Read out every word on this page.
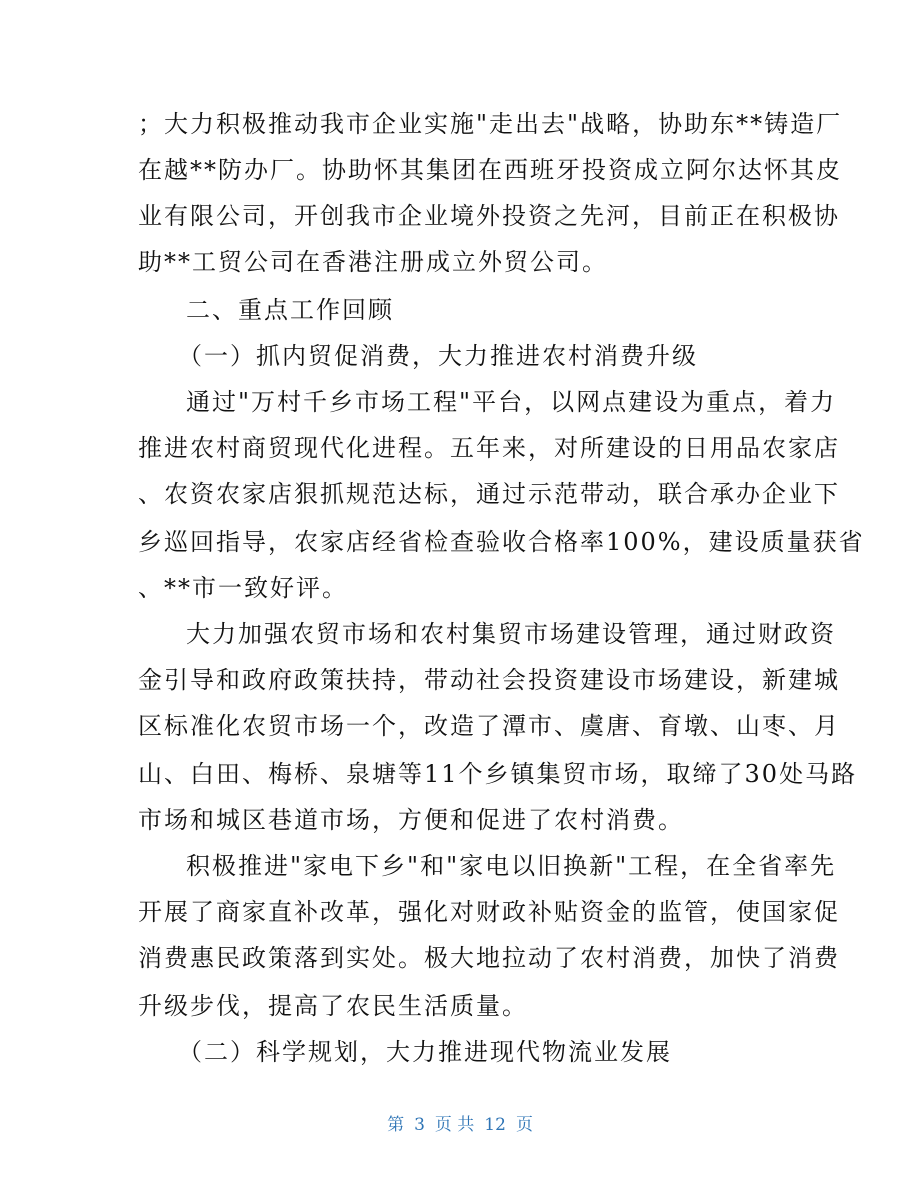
；大力积极推动我市企业实施"走出去"战略，协助东**铸造厂
在越**防办厂。协助怀其集团在西班牙投资成立阿尔达怀其皮
业有限公司，开创我市企业境外投资之先河，目前正在积极协
助**工贸公司在香港注册成立外贸公司。
二、重点工作回顾
（一）抓内贸促消费，大力推进农村消费升级
通过"万村千乡市场工程"平台，以网点建设为重点，着力
推进农村商贸现代化进程。五年来，对所建设的日用品农家店
、农资农家店狠抓规范达标，通过示范带动，联合承办企业下
乡巡回指导，农家店经省检查验收合格率100%，建设质量获省
、**市一致好评。
大力加强农贸市场和农村集贸市场建设管理，通过财政资
金引导和政府政策扶持，带动社会投资建设市场建设，新建城
区标准化农贸市场一个，改造了潭市、虞唐、育墩、山枣、月
山、白田、梅桥、泉塘等11个乡镇集贸市场，取缔了30处马路
市场和城区巷道市场，方便和促进了农村消费。
积极推进"家电下乡"和"家电以旧换新"工程，在全省率先
开展了商家直补改革，强化对财政补贴资金的监管，使国家促
消费惠民政策落到实处。极大地拉动了农村消费，加快了消费
升级步伐，提高了农民生活质量。
（二）科学规划，大力推进现代物流业发展
第 3 页 共 12 页
